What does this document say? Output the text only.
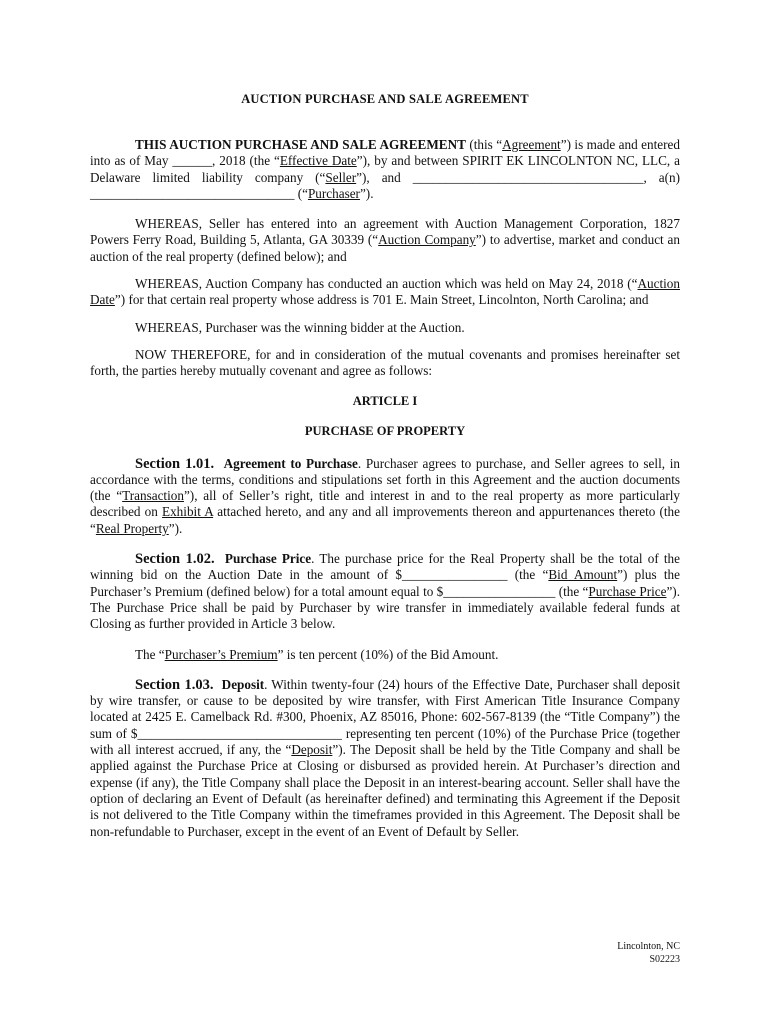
AUCTION PURCHASE AND SALE AGREEMENT

THIS AUCTION PURCHASE AND SALE AGREEMENT (this “Agreement”) is made and entered into as of May ______, 2018 (the “Effective Date”), by and between SPIRIT EK LINCOLNTON NC, LLC, a Delaware limited liability company (“Seller”), and ___________________________________, a(n) _______________________________ (“Purchaser”).

WHEREAS, Seller has entered into an agreement with Auction Management Corporation, 1827 Powers Ferry Road, Building 5, Atlanta, GA 30339 (“Auction Company”) to advertise, market and conduct an auction of the real property (defined below); and

WHEREAS, Auction Company has conducted an auction which was held on May 24, 2018 (“Auction Date”) for that certain real property whose address is 701 E. Main Street, Lincolnton, North Carolina; and

WHEREAS, Purchaser was the winning bidder at the Auction.

NOW THEREFORE, for and in consideration of the mutual covenants and promises hereinafter set forth, the parties hereby mutually covenant and agree as follows:

ARTICLE I
PURCHASE OF PROPERTY

Section 1.01. Agreement to Purchase. Purchaser agrees to purchase, and Seller agrees to sell, in accordance with the terms, conditions and stipulations set forth in this Agreement and the auction documents (the “Transaction”), all of Seller’s right, title and interest in and to the real property as more particularly described on Exhibit A attached hereto, and any and all improvements thereon and appurtenances thereto (the “Real Property”).

Section 1.02. Purchase Price. The purchase price for the Real Property shall be the total of the winning bid on the Auction Date in the amount of $________________ (the “Bid Amount”) plus the Purchaser’s Premium (defined below) for a total amount equal to $_________________ (the “Purchase Price”). The Purchase Price shall be paid by Purchaser by wire transfer in immediately available federal funds at Closing as further provided in Article 3 below.

The “Purchaser’s Premium” is ten percent (10%) of the Bid Amount.

Section 1.03. Deposit. Within twenty-four (24) hours of the Effective Date, Purchaser shall deposit by wire transfer, or cause to be deposited by wire transfer, with First American Title Insurance Company located at 2425 E. Camelback Rd. #300, Phoenix, AZ 85016, Phone: 602-567-8139 (the “Title Company”) the sum of $_______________________________ representing ten percent (10%) of the Purchase Price (together with all interest accrued, if any, the “Deposit”). The Deposit shall be held by the Title Company and shall be applied against the Purchase Price at Closing or disbursed as provided herein. At Purchaser’s direction and expense (if any), the Title Company shall place the Deposit in an interest-bearing account. Seller shall have the option of declaring an Event of Default (as hereinafter defined) and terminating this Agreement if the Deposit is not delivered to the Title Company within the timeframes provided in this Agreement. The Deposit shall be non-refundable to Purchaser, except in the event of an Event of Default by Seller.

Lincolnton, NC
S02223
